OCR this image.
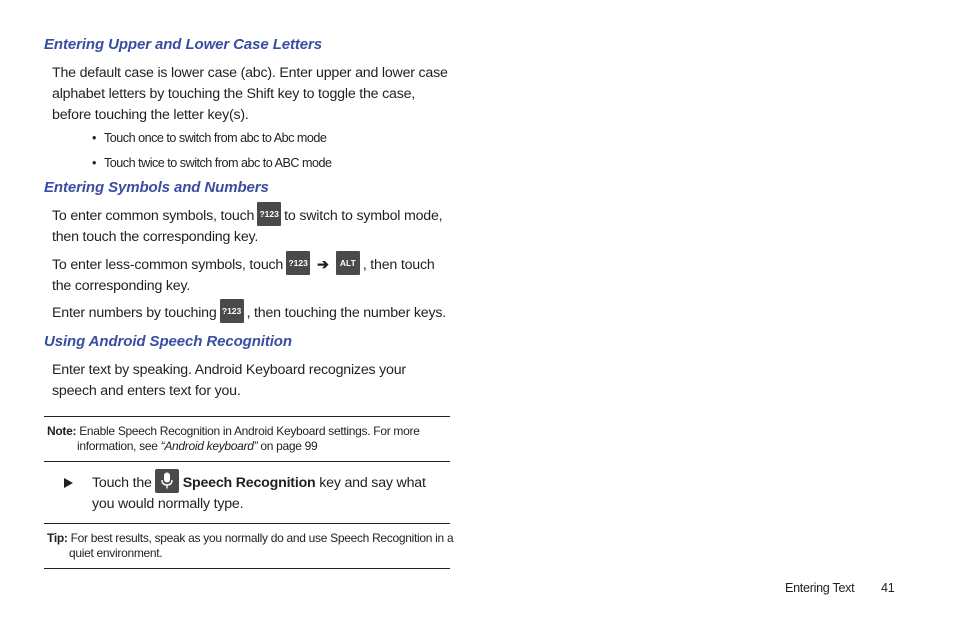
Entering Upper and Lower Case Letters

The default case is lower case (abc). Enter upper and lower case alphabet letters by touching the Shift key to toggle the case, before touching the letter key(s).

• Touch once to switch from abc to Abc mode

• Touch twice to switch from abc to ABC mode

Entering Symbols and Numbers

To enter common symbols, touch ?123 to switch to symbol mode, then touch the corresponding key.

To enter less-common symbols, touch ?123 ➔ ALT , then touch the corresponding key.

Enter numbers by touching ?123 , then touching the number keys.

Using Android Speech Recognition

Enter text by speaking. Android Keyboard recognizes your speech and enters text for you.

Note: Enable Speech Recognition in Android Keyboard settings. For more information, see “Android keyboard” on page 99

Touch the Speech Recognition key and say what you would normally type.

Tip: For best results, speak as you normally do and use Speech Recognition in a quiet environment.

Entering Text 41
